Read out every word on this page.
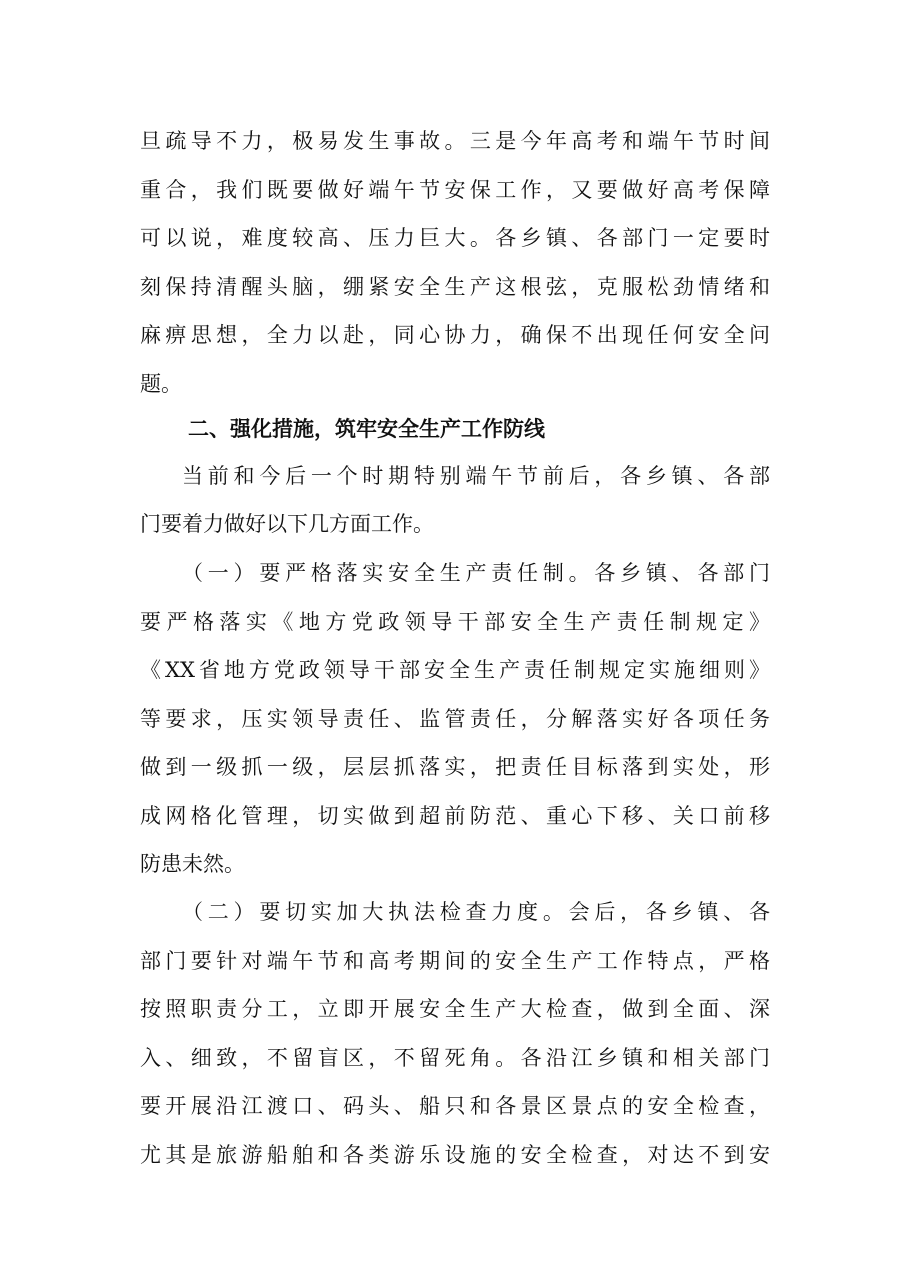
旦疏导不力，极易发生事故。三是今年高考和端午节时间
重合，我们既要做好端午节安保工作，又要做好高考保障
可以说，难度较高、压力巨大。各乡镇、各部门一定要时
刻保持清醒头脑，绷紧安全生产这根弦，克服松劲情绪和
麻痹思想，全力以赴，同心协力，确保不出现任何安全问
题。
二、强化措施，筑牢安全生产工作防线
当前和今后一个时期特别端午节前后，各乡镇、各部
门要着力做好以下几方面工作。
（一）要严格落实安全生产责任制。各乡镇、各部门
要严格落实《地方党政领导干部安全生产责任制规定》
《XX省地方党政领导干部安全生产责任制规定实施细则》
等要求，压实领导责任、监管责任，分解落实好各项任务
做到一级抓一级，层层抓落实，把责任目标落到实处，形
成网格化管理，切实做到超前防范、重心下移、关口前移
防患未然。
（二）要切实加大执法检查力度。会后，各乡镇、各
部门要针对端午节和高考期间的安全生产工作特点，严格
按照职责分工，立即开展安全生产大检查，做到全面、深
入、细致，不留盲区，不留死角。各沿江乡镇和相关部门
要开展沿江渡口、码头、船只和各景区景点的安全检查，
尤其是旅游船舶和各类游乐设施的安全检查，对达不到安
